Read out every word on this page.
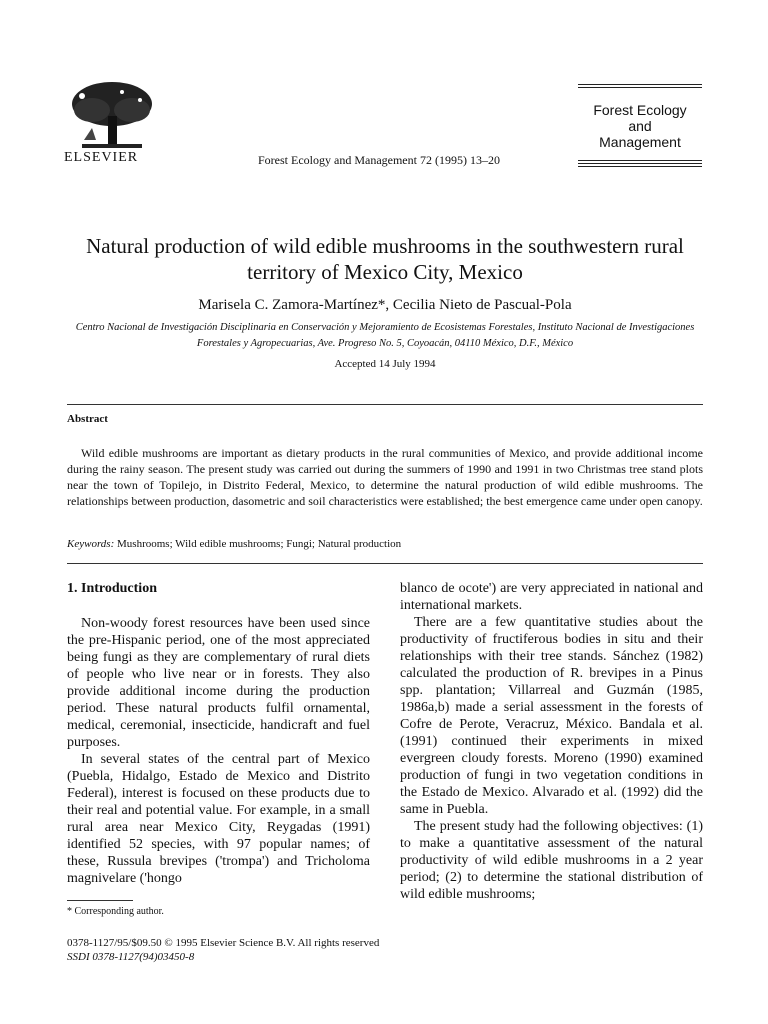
ELSEVIER	Forest Ecology and Management 72 (1995) 13–20
Forest Ecology
and
Management
Natural production of wild edible mushrooms in the southwestern rural territory of Mexico City, Mexico
Marisela C. Zamora-Martínez*, Cecilia Nieto de Pascual-Pola
Centro Nacional de Investigación Disciplinaria en Conservación y Mejoramiento de Ecosistemas Forestales, Instituto Nacional de Investigaciones Forestales y Agropecuarias, Ave. Progreso No. 5, Coyoacán, 04110 México, D.F., México
Accepted 14 July 1994
Abstract
Wild edible mushrooms are important as dietary products in the rural communities of Mexico, and provide additional income during the rainy season. The present study was carried out during the summers of 1990 and 1991 in two Christmas tree stand plots near the town of Topilejo, in Distrito Federal, Mexico, to determine the natural production of wild edible mushrooms. The relationships between production, dasometric and soil characteristics were established; the best emergence came under open canopy.
Keywords: Mushrooms; Wild edible mushrooms; Fungi; Natural production
1. Introduction

Non-woody forest resources have been used since the pre-Hispanic period, one of the most appreciated being fungi as they are complementary of rural diets of people who live near or in forests. They also provide additional income during the production period. These natural products fulfil ornamental, medical, ceremonial, insecticide, handicraft and fuel purposes.

In several states of the central part of Mexico (Puebla, Hidalgo, Estado de Mexico and Distrito Federal), interest is focused on these products due to their real and potential value. For example, in a small rural area near Mexico City, Reygadas (1991) identified 52 species, with 97 popular names; of these, Russula brevipes ('trompa') and Tricholoma magnivelare ('hongo

blanco de ocote') are very appreciated in national and international markets.

There are a few quantitative studies about the productivity of fructiferous bodies in situ and their relationships with their tree stands. Sánchez (1982) calculated the production of R. brevipes in a Pinus spp. plantation; Villarreal and Guzmán (1985, 1986a,b) made a serial assessment in the forests of Cofre de Perote, Veracruz, México. Bandala et al. (1991) continued their experiments in mixed evergreen cloudy forests. Moreno (1990) examined production of fungi in two vegetation conditions in the Estado de Mexico. Alvarado et al. (1992) did the same in Puebla.

The present study had the following objectives: (1) to make a quantitative assessment of the natural productivity of wild edible mushrooms in a 2 year period; (2) to determine the stational distribution of wild edible mushrooms;

* Corresponding author.
0378-1127/95/$09.50 © 1995 Elsevier Science B.V. All rights reserved
SSDI 0378-1127(94)03450-8
